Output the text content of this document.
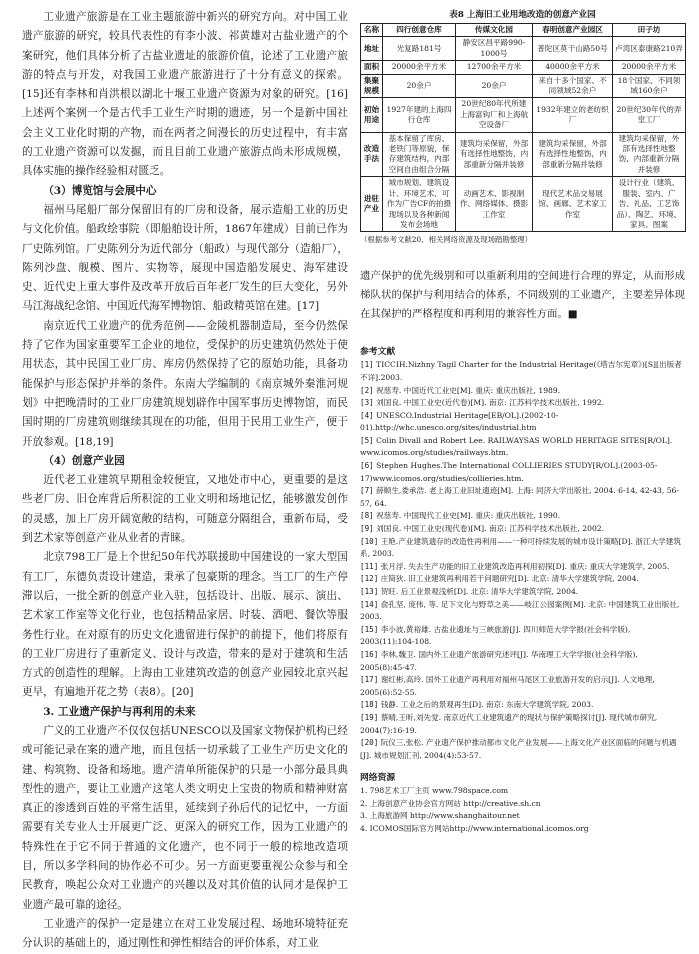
工业遗产旅游是在工业主题旅游中新兴的研究方向。对中国工业遗产旅游的研究，较具代表性的有李小波、祁黄雄对古盐业遗产的个案研究，他们具体分析了古盐业遗址的旅游价值，论述了工业遗产旅游的特点与开发，对我国工业遗产旅游进行了十分有意义的探索。[15]还有李林和肖洪根以湖北十堰工业遗产资源为对象的研究。[16]上述两个案例一个是古代手工业生产时期的遗迹，另一个是新中国社会主义工业化时期的产物，而在两者之间漫长的历史过程中，有丰富的工业遗产资源可以发掘，而且目前工业遗产旅游点尚未形成规模，具体实施的操作经验相对匮乏。

（3）博览馆与会展中心

福州马尾船厂部分保留旧有的厂房和设备，展示造船工业的历史与文化价值。船政绘事院（即船舶设计所，1867年建成）目前已作为厂史陈列馆。厂史陈列分为近代部分（船政）与现代部分（造船厂），陈列沙盘、舰模、图片、实物等，展现中国造船发展史、海军建设史、近代史上重大事件及改革开放后百年老厂发生的巨大变化，另外马江海战纪念馆、中国近代海军博物馆、船政精英馆在建。[17]

南京近代工业遗产的优秀范例——金陵机器制造局，至今仍然保持了它作为国家重要军工企业的地位，受保护的历史建筑仍然处于使用状态，其中民国工业厂房、库房仍然保持了它的原始功能，具备功能保护与形态保护并举的条件。东南大学编制的《南京城外秦淮河规划》中把晚清时的工业厂房建筑规划辟作中国军事历史博物馆，而民国时期的厂房建筑则继续其现在的功能，但用于民用工业生产，便于开放参观。[18,19]

（4）创意产业园

近代老工业建筑早期租金较便宜，又地处市中心，更重要的是这些老厂房、旧仓库背后所积淀的工业文明和场地记忆，能够激发创作的灵感，加上厂房开阔宽敞的结构，可随意分隔组合，重新布局，受到艺术家等创意产业从业者的青睐。

北京798工厂是上个世纪50年代苏联援助中国建设的一家大型国有工厂，东德负责设计建造，秉承了包豪斯的理念。当工厂的生产停滞以后，一批全新的创意产业入驻，包括设计、出版、展示、演出、艺术家工作室等文化行业，也包括精品家居、时装、酒吧、餐饮等服务性行业。在对原有的历史文化遗留进行保护的前提下，他们将原有的工业厂房进行了重新定义、设计与改造，带来的是对于建筑和生活方式的创造性的理解。上海由工业建筑改造的创意产业园较北京兴起更早，有遍地开花之势（表8）。[20]

3. 工业遗产保护与再利用的未来

广义的工业遗产不仅仅包括UNESCO以及国家文物保护机构已经或可能记录在案的遗产地，而且包括一切承载了工业生产历史文化的建、构筑物、设备和场地。遗产清单所能保护的只是一小部分最具典型性的遗产，要让工业遗产这笔人类文明史上宝贵的物质和精神财富真正的渗透到百姓的平常生活里，延续到子孙后代的记忆中，一方面需要有关专业人士开展更广泛、更深入的研究工作，因为工业遗产的特殊性在于它不同于普通的文化遗产，也不同于一般的棕地改造项目，所以多学科间的协作必不可少。另一方面更要重视公众参与和全民教育，唤起公众对工业遗产的兴趣以及对其价值的认同才是保护工业遗产最可靠的途径。

工业遗产的保护一定是建立在对工业发展过程、场地环境特征充分认识的基础上的，通过刚性和弹性相结合的评价体系，对工业

表8 上海旧工业用地改造的创意产业园
名称	四行创意仓库	传媒文化园	春明创意产业园区	田子坊
地址	光复路181号	静安区昌平路990-1000号	普陀区莫干山路50号	卢湾区泰康路210弄
面积	20000余平方米	12700余平方米	40000余平方米	20000余平方米
集聚规模	20余户	20余户	来自十多个国家、不同领域52余户	18个国家、不同领域160余户
初始用途	1927年建的上海四行仓库	20世纪80年代所建上海富钩厂和上海航空设备厂	1932年建立的老纺织厂	20世纪30年代的弄堂工厂
改造手法	基本保留了库房、老铁门等原貌，保存建筑结构，内部空间自由组合分隔	建筑均采保留，外部有选择性地整饬，内部重新分隔并装修	建筑均采保留，外部有选择性地整饬，内部重新分隔并装修	建筑均采保留，外部有选择性地整饬，内部重新分隔并装修
进驻产业	城市规划、建筑设计、环境艺术、可作为广告CF的拍摄现场以及各种新闻发布会场地	动画艺术、影视制作、网络媒体、摄影工作室	现代艺术品交易展馆、画廊、艺术家工作室	设计行业（建筑、服装、室内、广告、礼品、工艺饰品）、陶艺、环境、家具、图案
（根据参考文献20、相关网络资源及现场踏勘整理）

遗产保护的优先级别和可以重新利用的空间进行合理的界定，从而形成梯队状的保护与利用结合的体系，不同级别的工业遗产，主要差异体现在其保护的严格程度和再利用的兼容性方面。■

参考文献
[1] TICCIH.Nizhny Tagil Charter for the Industrial Heritage(《塔吉尔宪章》)[S][出版者不详].2003.
[2] 祝慈寿. 中国近代工业史[M]. 重庆: 重庆出版社, 1989.
[3] 刘国良. 中国工业史(近代卷)[M]. 南京: 江苏科学技术出版社, 1992.
[4] UNESCO.Industrial Heritage[EB/OL].(2002-10-01).http://whc.unesco.org/sites/industrial.htm
[5] Colin Divall and Robert Lee. RAILWAYSAS WORLD HERITAGE SITES[R/OL]. www.icomos.org/studies/railways.htm.
[6] Stephen Hughes.The International COLLIERIES STUDY[R/OL].(2003-05-17)www.icomos.org/studies/collieries.htm.
[7] 薛顺生,娄承浩. 老上海工业旧址遗迹[M]. 上海: 同济大学出版社, 2004. 6-14, 42-43, 56-57, 64.
[8] 祝慈寿. 中国现代工业史[M]. 重庆: 重庆出版社, 1990.
[9] 刘国良. 中国工业史(现代卷)[M]. 南京: 江苏科学技术出版社, 2002.
[10] 王艳.产业建筑遗存的改造性再利用——一种可持续发展的城市设计策略[D]. 浙江大学建筑系, 2003.
[11] 张月浮. 失去生产功能的旧工业建筑改造再利用初探[D]. 重庆: 重庆大学建筑学, 2005.
[12] 庄简狄. 旧工业建筑再利用若干问题研究[D]. 北京: 清华大学建筑学院, 2004.
[13] 贺旺. 后工业景观浅析[D]. 北京: 清华大学建筑学院, 2004.
[14] 俞孔坚, 庞伟, 等. 足下文化与野草之美——岐江公园案例[M]. 北京: 中国建筑工业出版社, 2003.
[15] 李小波,黄裕雄. 古盐业遗址与三峡旅游[J]. 四川师范大学学报(社会科学版), 2003(11):104-108.
[16] 李林,魏卫. 国内外工业遗产旅游研究述评[J]. 华南理工大学学报(社会科学版), 2005(8):45-47.
[17] 谢红彬,高玲. 国外工业遗产再利用对福州马尾区工业旅游开发的启示[J]. 人文地理, 2005(6):52-55.
[18] 钱静. 工业之后的景观再生[D]. 南京: 东南大学建筑学院, 2003.
[19] 蔡晴,王昕,刘先觉. 南京近代工业建筑遗产的现状与保护策略探讨[J]. 现代城市研究, 2004(7):16-19.
[20] 阮仪三,张松. 产业遗产保护推动都市文化产业发展——上海文化产业区面临的问题与机遇[J]. 城市规划汇刊, 2004(4):53-57.
网络资源
1. 798艺术工厂主页 www.798space.com
2. 上海创意产业协会官方网站 http://creative.sh.cn
3. 上海旅游网 http://www.shanghaitour.net
4. ICOMOS国际官方网站http://www.international.icomos.org
